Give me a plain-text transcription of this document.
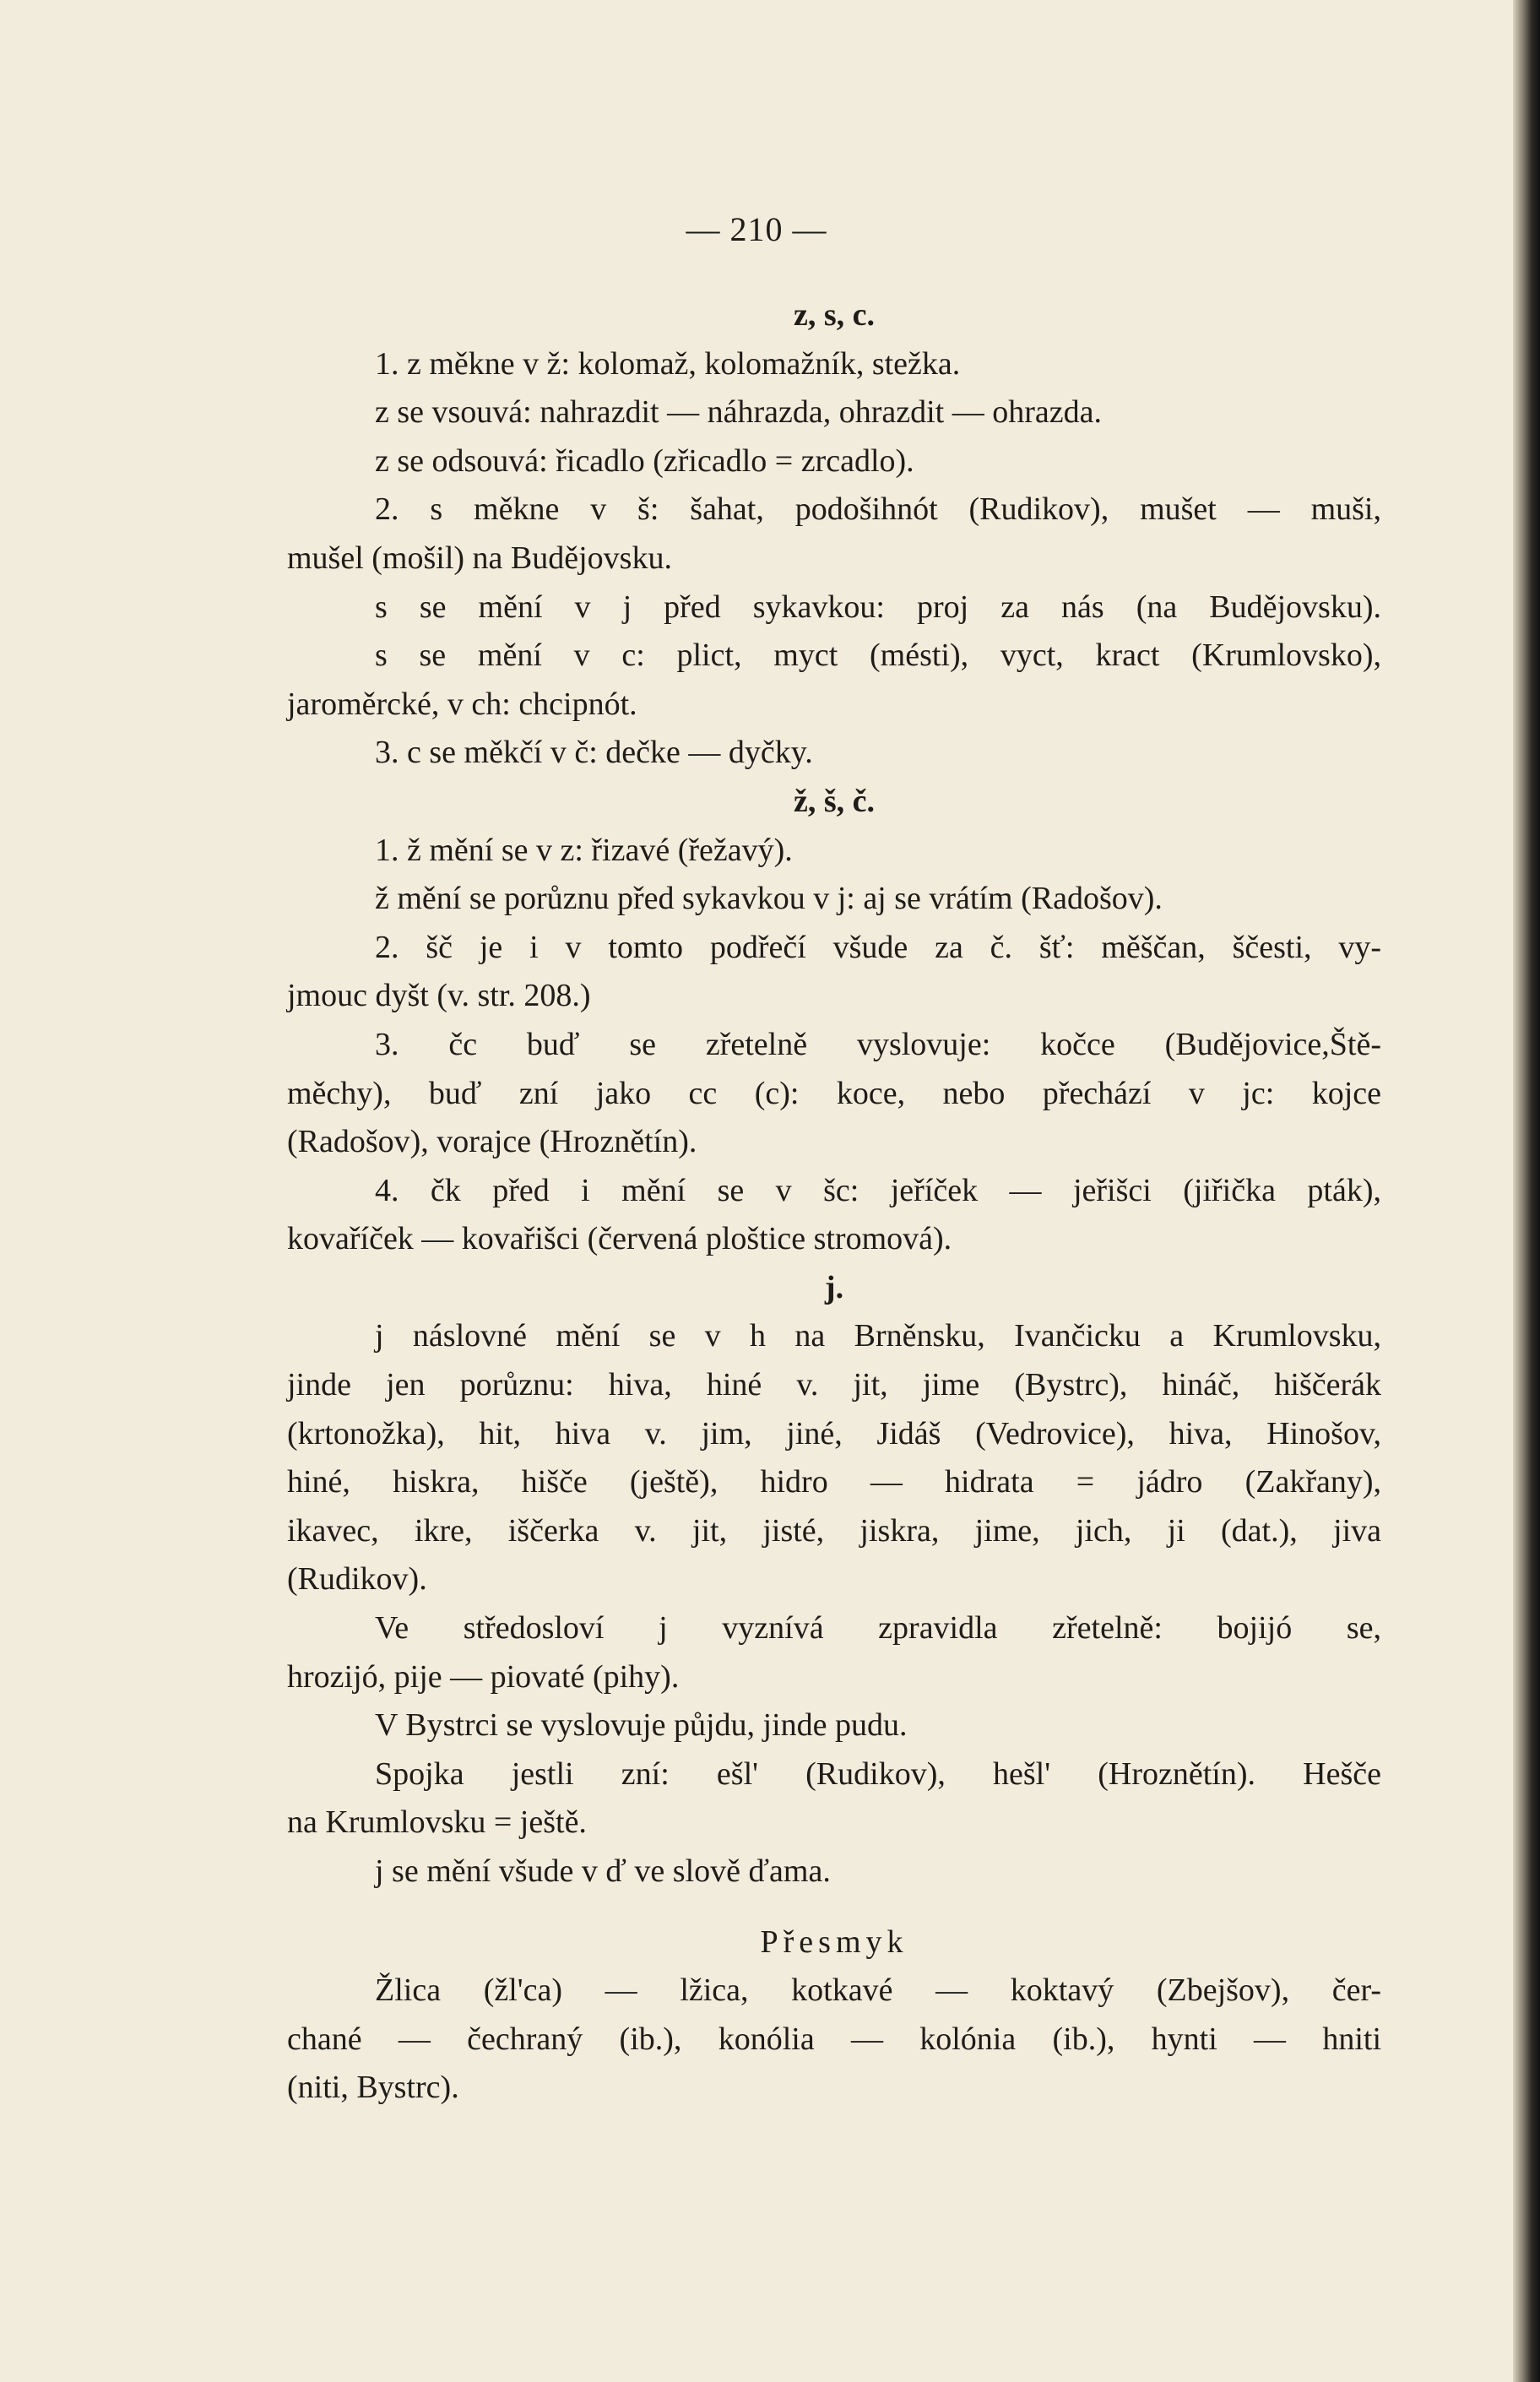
— 210 —

z, s, c.

1. z měkne v ž: kolomaž, kolomažník, stežka.

z se vsouvá: nahrazdit — náhrazda, ohrazdit — ohrazda.

z se odsouvá: řicadlo (zřicadlo = zrcadlo).

2. s měkne v š: šahat, podošihnót (Rudikov), mušet — muši,

mušel (mošil) na Budějovsku.

s se mění v j před sykavkou: proj za nás (na Budějovsku).

s se mění v c: plict, myct (mésti), vyct, kract (Krumlovsko),

jaroměrcké, v ch: chcipnót.

3. c se měkčí v č: dečke — dyčky.

ž, š, č.

1. ž mění se v z: řizavé (řežavý).

ž mění se porůznu před sykavkou v j: aj se vrátím (Radošov).

2. šč je i v tomto podřečí všude za č. šť: měščan, ščesti, vy-

jmouc dyšt (v. str. 208.)

3. čc buď se zřetelně vyslovuje: kočce (Budějovice,Ště-

měchy), buď zní jako cc (c): koce, nebo přechází v jc: kojce

(Radošov), vorajce (Hroznětín).

4. čk před i mění se v šc: jeříček — jeřišci (jiřička pták),

kovaříček — kovařišci (červená ploštice stromová).

j.

j náslovné mění se v h na Brněnsku, Ivančicku a Krumlovsku,

jinde jen porůznu: hiva, hiné v. jit, jime (Bystrc), hináč, hiščerák

(krtonožka), hit, hiva v. jim, jiné, Jidáš (Vedrovice), hiva, Hinošov,

hiné, hiskra, hišče (ještě), hidro — hidrata = jádro (Zakřany),

ikavec, ikre, iščerka v. jit, jisté, jiskra, jime, jich, ji (dat.), jiva

(Rudikov).

Ve středosloví j vyznívá zpravidla zřetelně: bojijó se,

hrozijó, pije — piovaté (pihy).

V Bystrci se vyslovuje půjdu, jinde pudu.

Spojka jestli zní: ešl' (Rudikov), hešl' (Hroznětín). Hešče

na Krumlovsku = ještě.

j se mění všude v ď ve slově ďama.

Přesmyk

Žlica (žl'ca) — lžica, kotkavé — koktavý (Zbejšov), čer-

chané — čechraný (ib.), konólia — kolónia (ib.), hynti — hniti

(niti, Bystrc).
